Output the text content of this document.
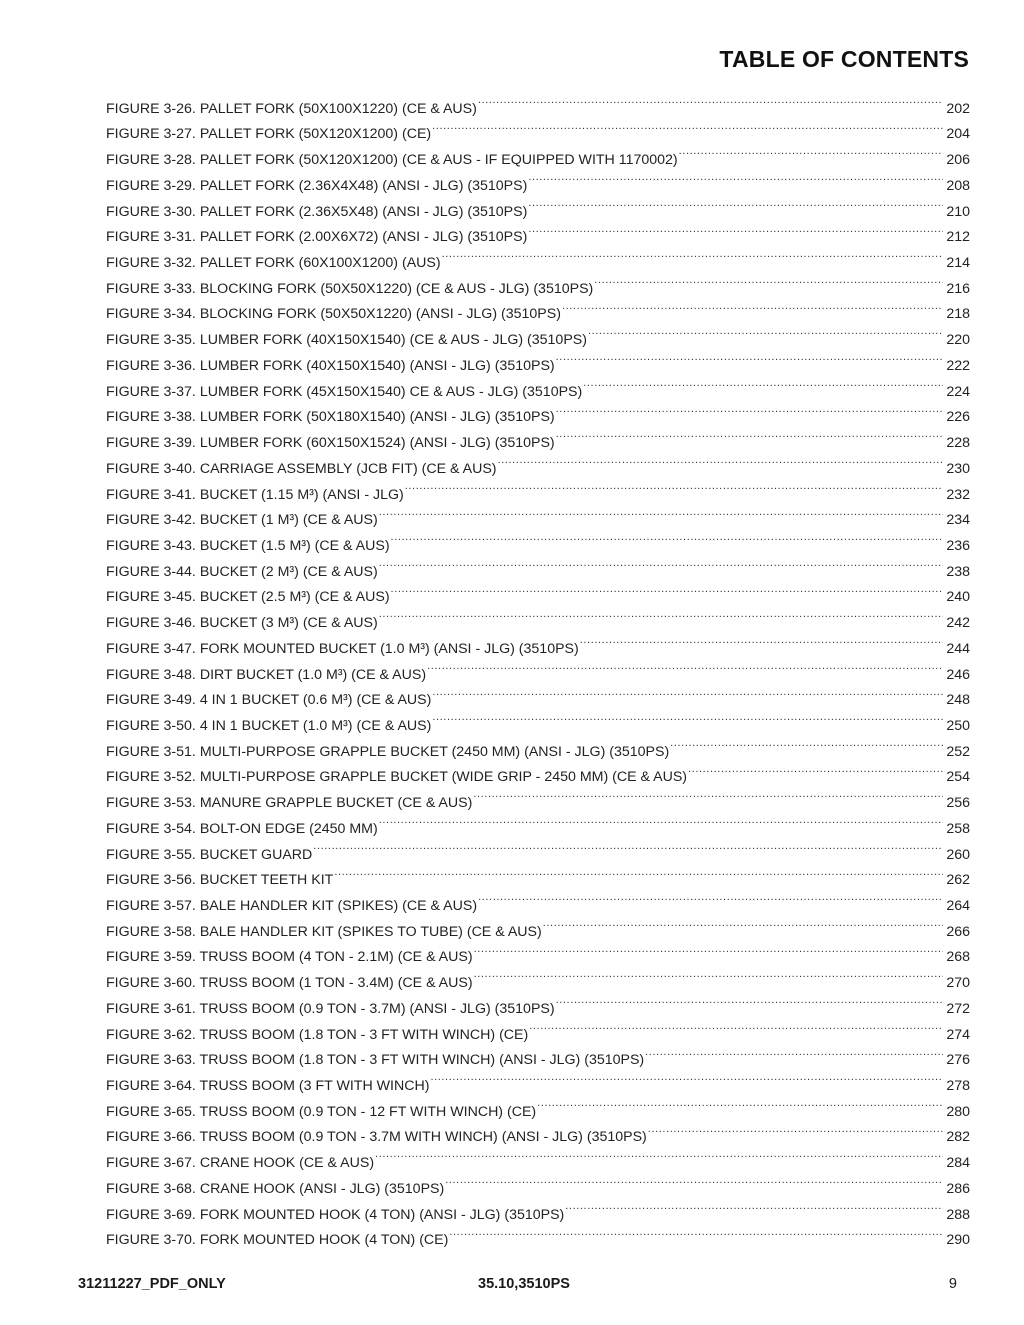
TABLE OF CONTENTS
FIGURE 3-26. PALLET FORK (50X100X1220) (CE & AUS) .....	202
FIGURE 3-27. PALLET FORK (50X120X1200) (CE) .....	204
FIGURE 3-28. PALLET FORK (50X120X1200) (CE & AUS - IF EQUIPPED WITH 1170002) .....	206
FIGURE 3-29. PALLET FORK (2.36X4X48) (ANSI - JLG) (3510PS) .....	208
FIGURE 3-30. PALLET FORK (2.36X5X48) (ANSI - JLG) (3510PS) .....	210
FIGURE 3-31. PALLET FORK (2.00X6X72) (ANSI - JLG) (3510PS) .....	212
FIGURE 3-32. PALLET FORK (60X100X1200) (AUS) .....	214
FIGURE 3-33. BLOCKING FORK (50X50X1220) (CE & AUS - JLG) (3510PS) .....	216
FIGURE 3-34. BLOCKING FORK (50X50X1220) (ANSI - JLG) (3510PS) .....	218
FIGURE 3-35. LUMBER FORK (40X150X1540) (CE & AUS - JLG) (3510PS) .....	220
FIGURE 3-36. LUMBER FORK (40X150X1540) (ANSI - JLG) (3510PS) .....	222
FIGURE 3-37. LUMBER FORK (45X150X1540) CE & AUS - JLG) (3510PS) .....	224
FIGURE 3-38. LUMBER FORK (50X180X1540) (ANSI - JLG) (3510PS) .....	226
FIGURE 3-39. LUMBER FORK (60X150X1524) (ANSI - JLG) (3510PS) .....	228
FIGURE 3-40. CARRIAGE ASSEMBLY (JCB FIT) (CE & AUS) .....	230
FIGURE 3-41. BUCKET (1.15 M³) (ANSI - JLG) .....	232
FIGURE 3-42. BUCKET (1 M³) (CE & AUS) .....	234
FIGURE 3-43. BUCKET (1.5 M³) (CE & AUS) .....	236
FIGURE 3-44. BUCKET (2 M³) (CE & AUS) .....	238
FIGURE 3-45. BUCKET (2.5 M³) (CE & AUS) .....	240
FIGURE 3-46. BUCKET (3 M³) (CE & AUS) .....	242
FIGURE 3-47. FORK MOUNTED BUCKET (1.0 M³) (ANSI - JLG) (3510PS) .....	244
FIGURE 3-48. DIRT BUCKET (1.0 M³) (CE & AUS) .....	246
FIGURE 3-49. 4 IN 1 BUCKET (0.6 M³) (CE & AUS) .....	248
FIGURE 3-50. 4 IN 1 BUCKET (1.0 M³) (CE & AUS) .....	250
FIGURE 3-51. MULTI-PURPOSE GRAPPLE BUCKET (2450 MM) (ANSI - JLG) (3510PS) .....	252
FIGURE 3-52. MULTI-PURPOSE GRAPPLE BUCKET (WIDE GRIP - 2450 MM) (CE & AUS) .....	254
FIGURE 3-53. MANURE GRAPPLE BUCKET (CE & AUS) .....	256
FIGURE 3-54. BOLT-ON EDGE (2450 MM) .....	258
FIGURE 3-55. BUCKET GUARD .....	260
FIGURE 3-56. BUCKET TEETH KIT .....	262
FIGURE 3-57. BALE HANDLER KIT (SPIKES) (CE & AUS) .....	264
FIGURE 3-58. BALE HANDLER KIT (SPIKES TO TUBE) (CE & AUS) .....	266
FIGURE 3-59. TRUSS BOOM (4 TON - 2.1M) (CE & AUS) .....	268
FIGURE 3-60. TRUSS BOOM (1 TON - 3.4M) (CE & AUS) .....	270
FIGURE 3-61. TRUSS BOOM (0.9 TON - 3.7M) (ANSI - JLG) (3510PS) .....	272
FIGURE 3-62. TRUSS BOOM (1.8 TON - 3 FT WITH WINCH) (CE) .....	274
FIGURE 3-63. TRUSS BOOM (1.8 TON - 3 FT WITH WINCH) (ANSI - JLG) (3510PS) .....	276
FIGURE 3-64. TRUSS BOOM (3 FT WITH WINCH) .....	278
FIGURE 3-65. TRUSS BOOM (0.9 TON - 12 FT WITH WINCH) (CE) .....	280
FIGURE 3-66. TRUSS BOOM (0.9 TON - 3.7M WITH WINCH) (ANSI - JLG) (3510PS) .....	282
FIGURE 3-67. CRANE HOOK (CE & AUS) .....	284
FIGURE 3-68. CRANE HOOK (ANSI - JLG) (3510PS) .....	286
FIGURE 3-69. FORK MOUNTED HOOK (4 TON) (ANSI - JLG) (3510PS) .....	288
FIGURE 3-70. FORK MOUNTED HOOK (4 TON) (CE) .....	290
31211227_PDF_ONLY	35.10,3510PS	9
